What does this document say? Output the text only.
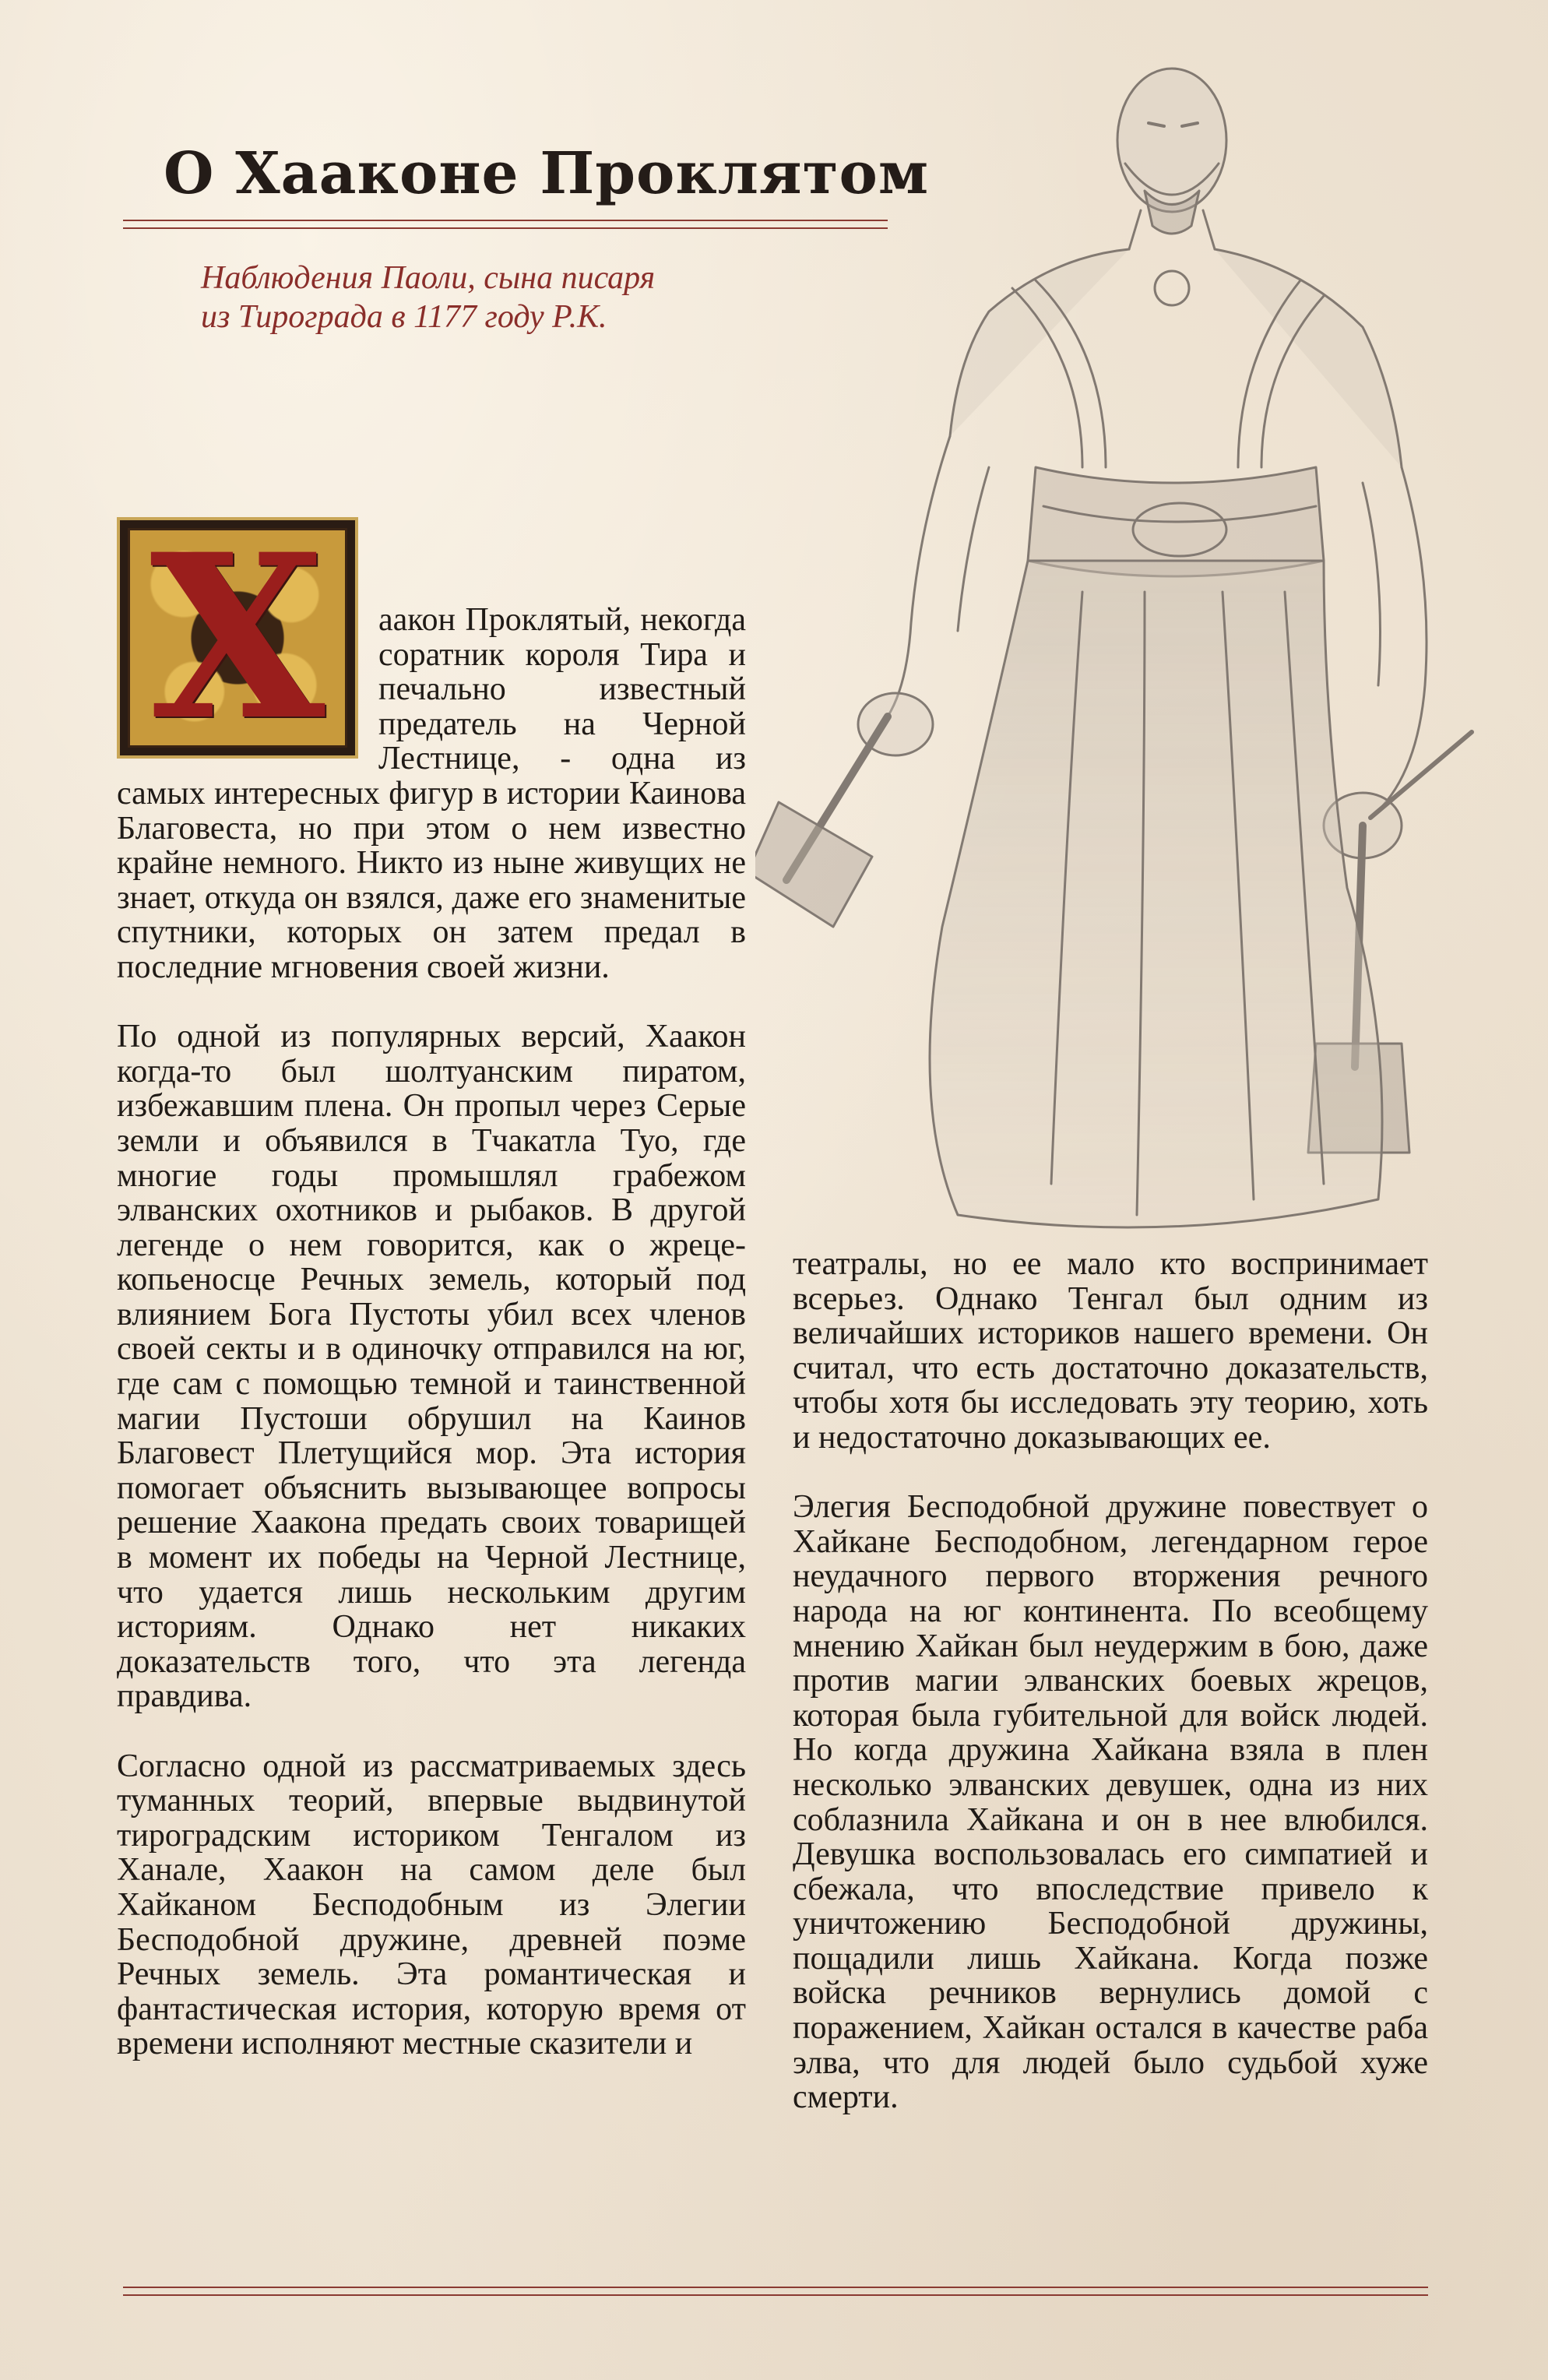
О Хааконе Проклятом
Наблюдения Паоли, сына писаря
из Тирограда в 1177 году Р.К.
Х	аакон Проклятый, некогда соратник короля Тира и печально известный предатель на Черной Лестнице, - одна из самых интересных фигур в истории Каинова Благовеста, но при этом о нем известно крайне немного. Никто из ныне живущих не знает, откуда он взялся, даже его знаменитые спутники, которых он затем предал в последние мгновения своей жизни.

По одной из популярных версий, Хаакон когда-то был шолтуанским пиратом, избежавшим плена. Он пропыл через Серые земли и объявился в Тчакатла Туо, где многие годы промышлял грабежом элванских охотников и рыбаков. В другой легенде о нем говорится, как о жреце-копьеносце Речных земель, который под влиянием Бога Пустоты убил всех членов своей секты и в одиночку отправился на юг, где сам с помощью темной и таинственной магии Пустоши обрушил на Каинов Благовест Плетущийся мор. Эта история помогает объяснить вызывающее вопросы решение Хаакона предать своих товарищей в момент их победы на Черной Лестнице, что удается лишь нескольким другим историям. Однако нет никаких доказательств того, что эта легенда правдива.

Согласно одной из рассматриваемых здесь туманных теорий, впервые выдвинутой тироградским историком Тенгалом из Ханале, Хаакон на самом деле был Хайканом Бесподобным из Элегии Бесподобной дружине, древней поэме Речных земель. Эта романтическая и фантастическая история, которую время от времени исполняют местные сказители и

театралы, но ее мало кто воспринимает всерьез. Однако Тенгал был одним из величайших историков нашего времени. Он считал, что есть достаточно доказательств, чтобы хотя бы исследовать эту теорию, хоть и недостаточно доказывающих ее.

Элегия Бесподобной дружине повествует о Хайкане Бесподобном, легендарном герое неудачного первого вторжения речного народа на юг континента. По всеобщему мнению Хайкан был неудержим в бою, даже против магии элванских боевых жрецов, которая была губительной для войск людей. Но когда дружина Хайкана взяла в плен несколько элванских девушек, одна из них соблазнила Хайкана и он в нее влюбился. Девушка воспользовалась его симпатией и сбежала, что впоследствие привело к уничтожению Бесподобной дружины, пощадили лишь Хайкана. Когда позже войска речников вернулись домой с поражением, Хайкан остался в качестве раба элва, что для людей было судьбой хуже смерти.
